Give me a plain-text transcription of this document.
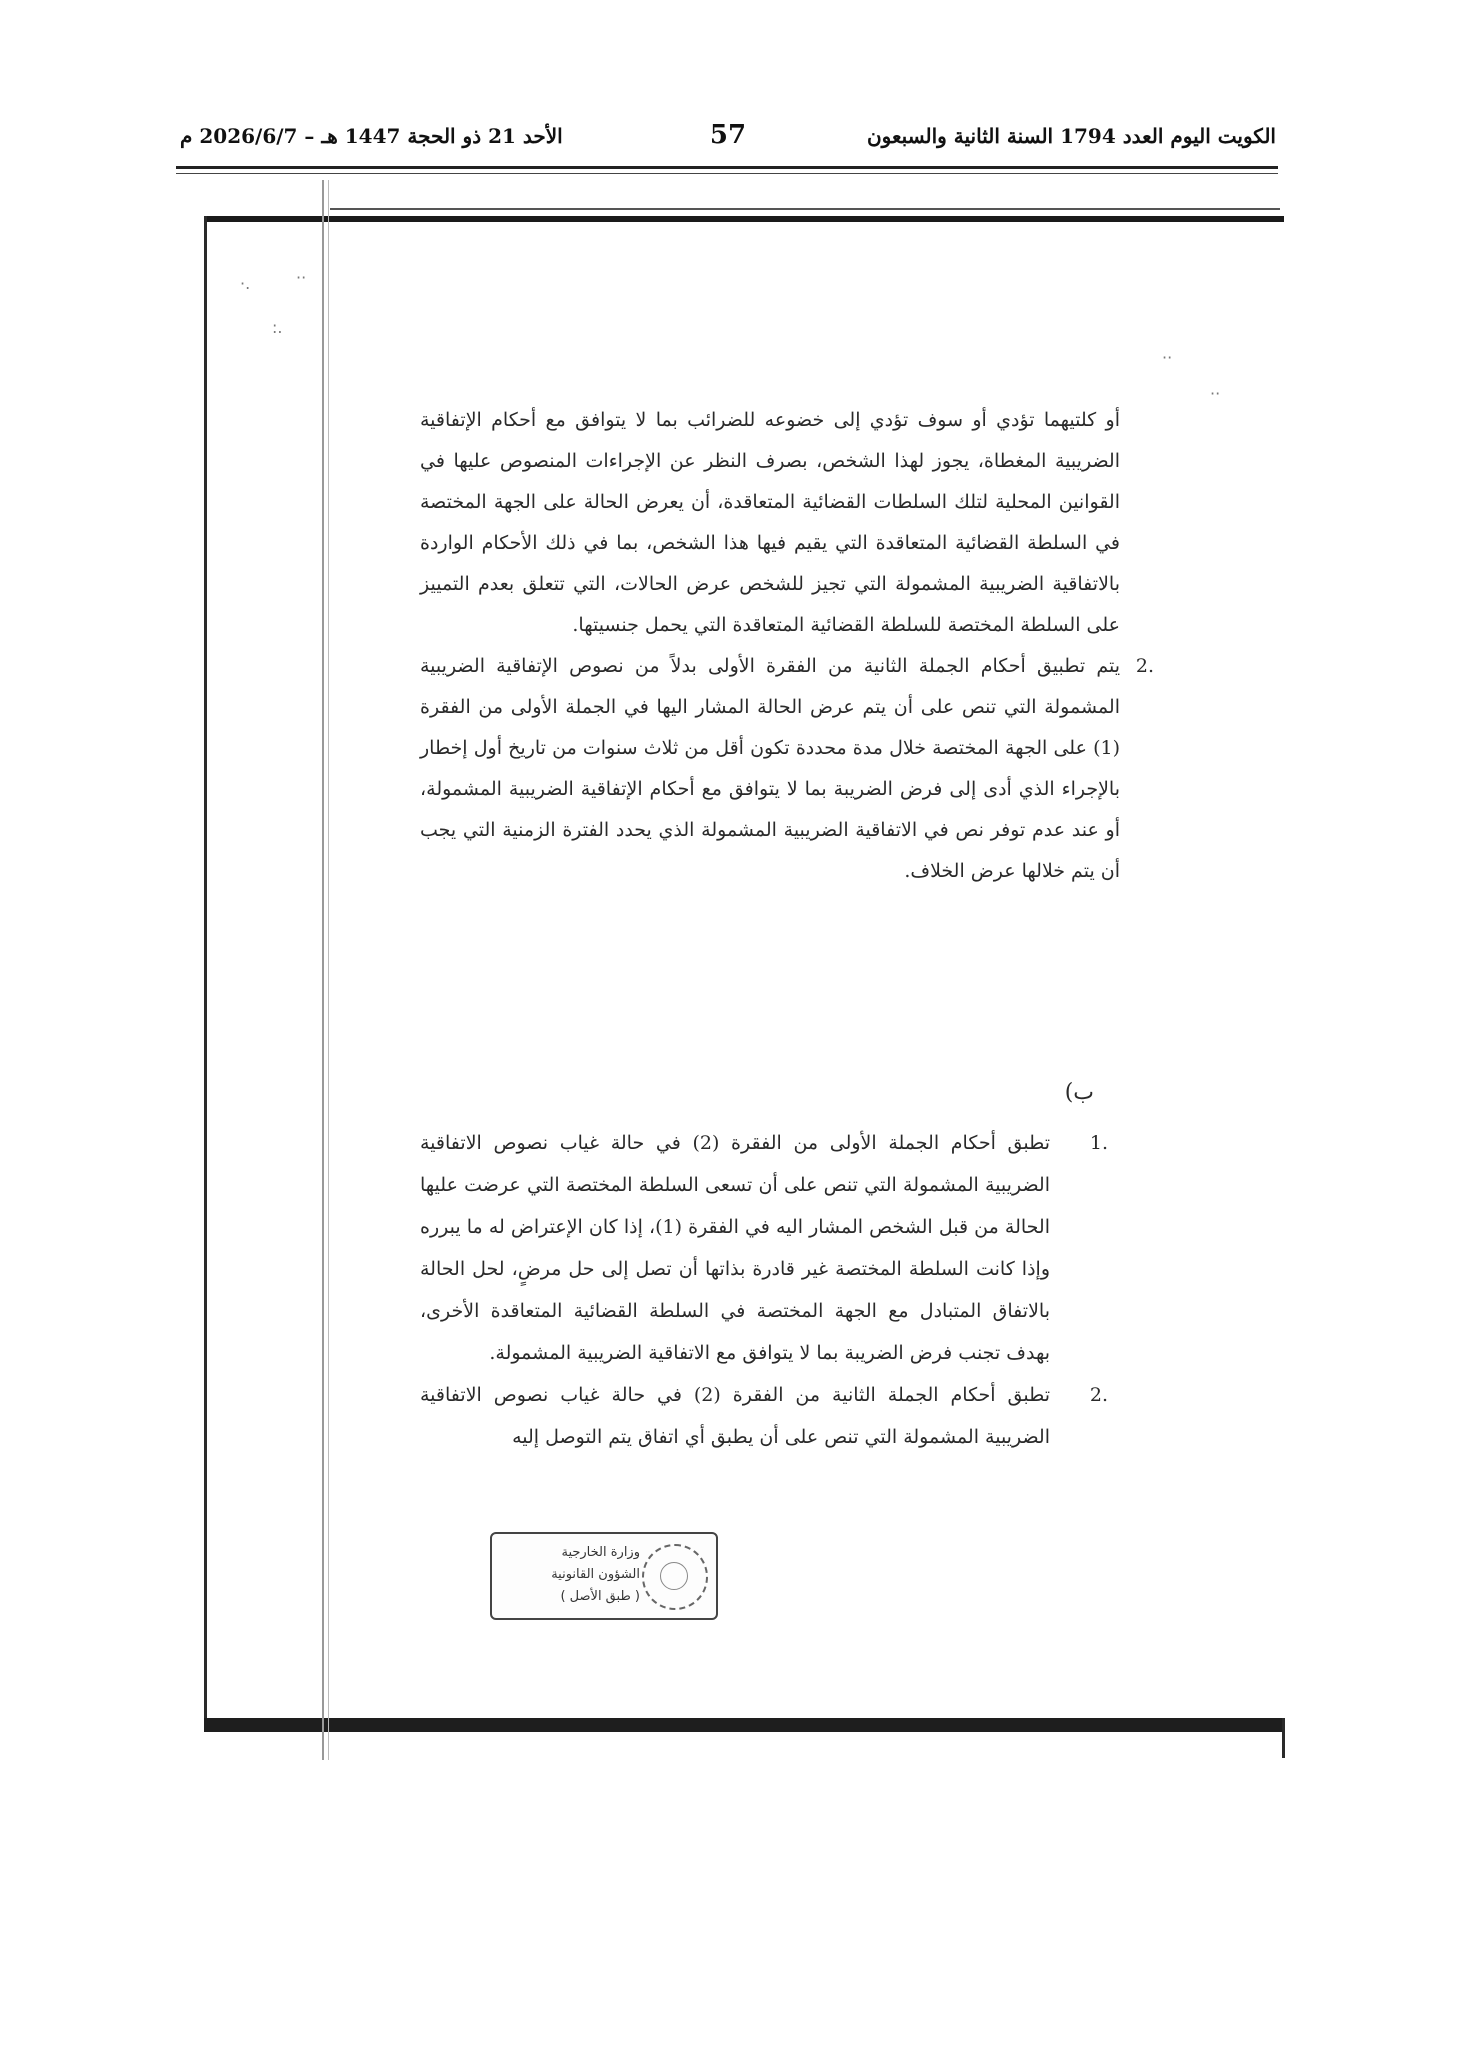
الكويت اليوم العدد 1794 السنة الثانية والسبعون
57
الأحد 21 ذو الحجة 1447 هـ – 2026/6/7 م
·.	··
:.
··
··

أو كلتيهما تؤدي أو سوف تؤدي إلى خضوعه للضرائب بما لا يتوافق مع أحكام الإتفاقية الضريبية المغطاة، يجوز لهذا الشخص، بصرف النظر عن الإجراءات المنصوص عليها في القوانين المحلية لتلك السلطات القضائية المتعاقدة، أن يعرض الحالة على الجهة المختصة في السلطة القضائية المتعاقدة التي يقيم فيها هذا الشخص، بما في ذلك الأحكام الواردة بالاتفاقية الضريبية المشمولة التي تجيز للشخص عرض الحالات، التي تتعلق بعدم التمييز على السلطة المختصة للسلطة القضائية المتعاقدة التي يحمل جنسيتها.

.2
يتم تطبيق أحكام الجملة الثانية من الفقرة الأولى بدلاً من نصوص الإتفاقية الضريبية المشمولة التي تنص على أن يتم عرض الحالة المشار اليها في الجملة الأولى من الفقرة (1) على الجهة المختصة خلال مدة محددة تكون أقل من ثلاث سنوات من تاريخ أول إخطار بالإجراء الذي أدى إلى فرض الضريبة بما لا يتوافق مع أحكام الإتفاقية الضريبية المشمولة، أو عند عدم توفر نص في الاتفاقية الضريبية المشمولة الذي يحدد الفترة الزمنية التي يجب أن يتم خلالها عرض الخلاف.
ب)
.1
تطبق أحكام الجملة الأولى من الفقرة (2) في حالة غياب نصوص الاتفاقية الضريبية المشمولة التي تنص على أن تسعى السلطة المختصة التي عرضت عليها الحالة من قبل الشخص المشار اليه في الفقرة (1)، إذا كان الإعتراض له ما يبرره وإذا كانت السلطة المختصة غير قادرة بذاتها أن تصل إلى حل مرضٍ، لحل الحالة بالاتفاق المتبادل مع الجهة المختصة في السلطة القضائية المتعاقدة الأخرى، بهدف تجنب فرض الضريبة بما لا يتوافق مع الاتفاقية الضريبية المشمولة.
.2
تطبق أحكام الجملة الثانية من الفقرة (2) في حالة غياب نصوص الاتفاقية الضريبية المشمولة التي تنص على أن يطبق أي اتفاق يتم التوصل إليه
وزارة الخارجية
الشؤون القانونية
( طبق الأصل )
